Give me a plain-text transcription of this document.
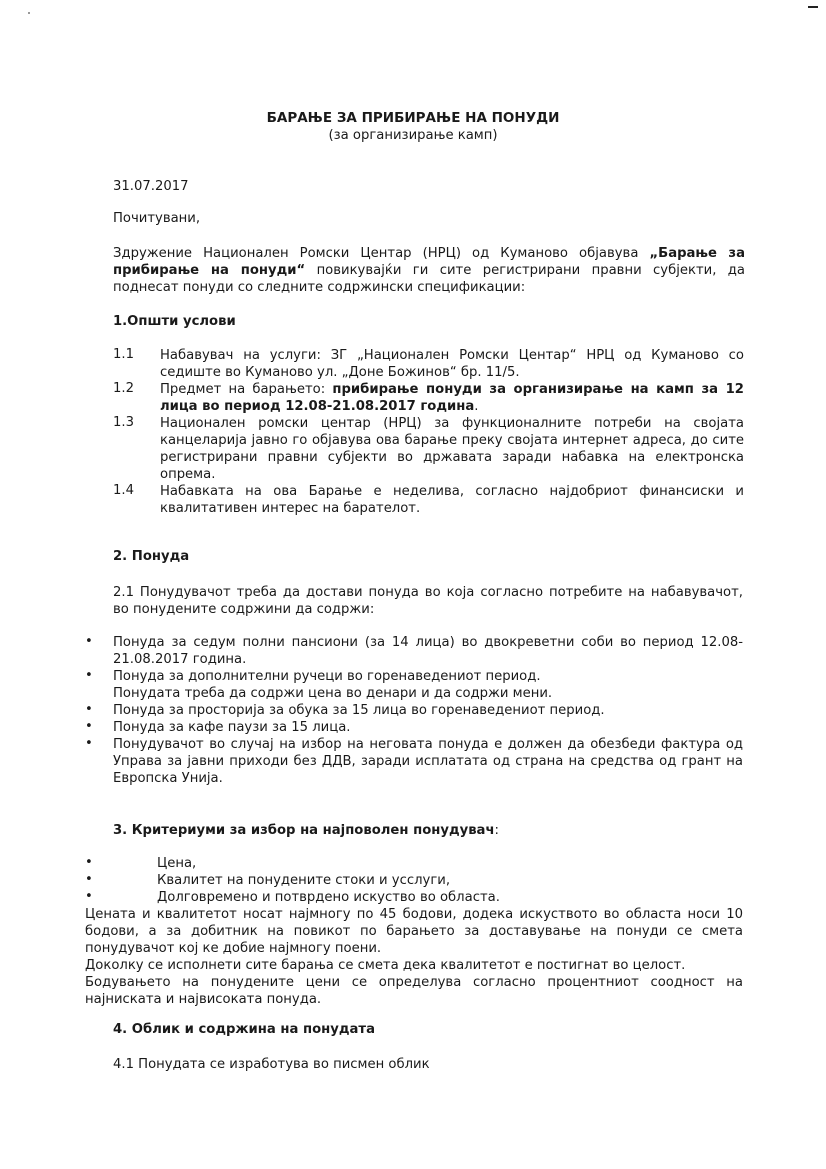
БАРАЊЕ ЗА ПРИБИРАЊЕ НА ПОНУДИ
(за организирање камп)
31.07.2017
Почитувани,
Здружение Национален Ромски Центар (НРЦ) од Куманово објавува „Барање за прибирање на понуди“ повикувајќи ги сите регистрирани правни субјекти, да поднесат понуди со следните содржински спецификации:
1.Општи услови
1.1	Набавувач на услуги: ЗГ „Национален Ромски Центар“ НРЦ од Куманово со седиште во Куманово ул. „Доне Божинов“ бр. 11/5.
1.2	Предмет на барањето: прибирање понуди за организирање на камп за 12 лица во период 12.08-21.08.2017 година.
1.3	Национален ромски центар (НРЦ) за функционалните потреби на својата канцеларија јавно го објавува ова барање преку својата интернет адреса, до сите регистрирани правни субјекти во државата заради набавка на електронска опрема.
1.4	Набавката на ова Барање е неделива, согласно најдобриот финансиски и квалитативен интерес на барателот.
2. Понуда
2.1 Понудувачот треба да достави понуда во која согласно потребите на набавувачот, во понудените содржини да содржи:
•	Понуда за седум полни пансиони (за 14 лица) во двокреветни соби во период 12.08-21.08.2017 година.
•	Понуда за дополнителни ручеци во горенаведениот период.
Понудата треба да содржи цена во денари и да содржи мени.
•	Понуда за просторија за обука за 15 лица во горенаведениот период.
•	Понуда за кафе паузи за 15 лица.
•	Понудувачот во случај на избор на неговата понуда е должен да обезбеди фактура од Управа за јавни приходи без ДДВ, заради исплатата од страна на средства од грант на Европска Унија.
3. Критериуми за избор на најповолен понудувач:
•	Цена,
•	Квалитет на понудените стоки и усслуги,
•	Долговремено и потврдено искуство во областа.
Цената и квалитетот носат најмногу по 45 бодови, додека искуството во областа носи 10 бодови, а за добитник на повикот по барањето за доставување на понуди се смета понудувачот кој ке добие најмногу поени.
Доколку се исполнети сите барања се смета дека квалитетот е постигнат во целост.
Бодувањето на понудените цени се определува согласно процентниот соодност на најниската и највисоката понуда.
4. Облик и содржина на понудата
4.1 Понудата се изработува во писмен облик
